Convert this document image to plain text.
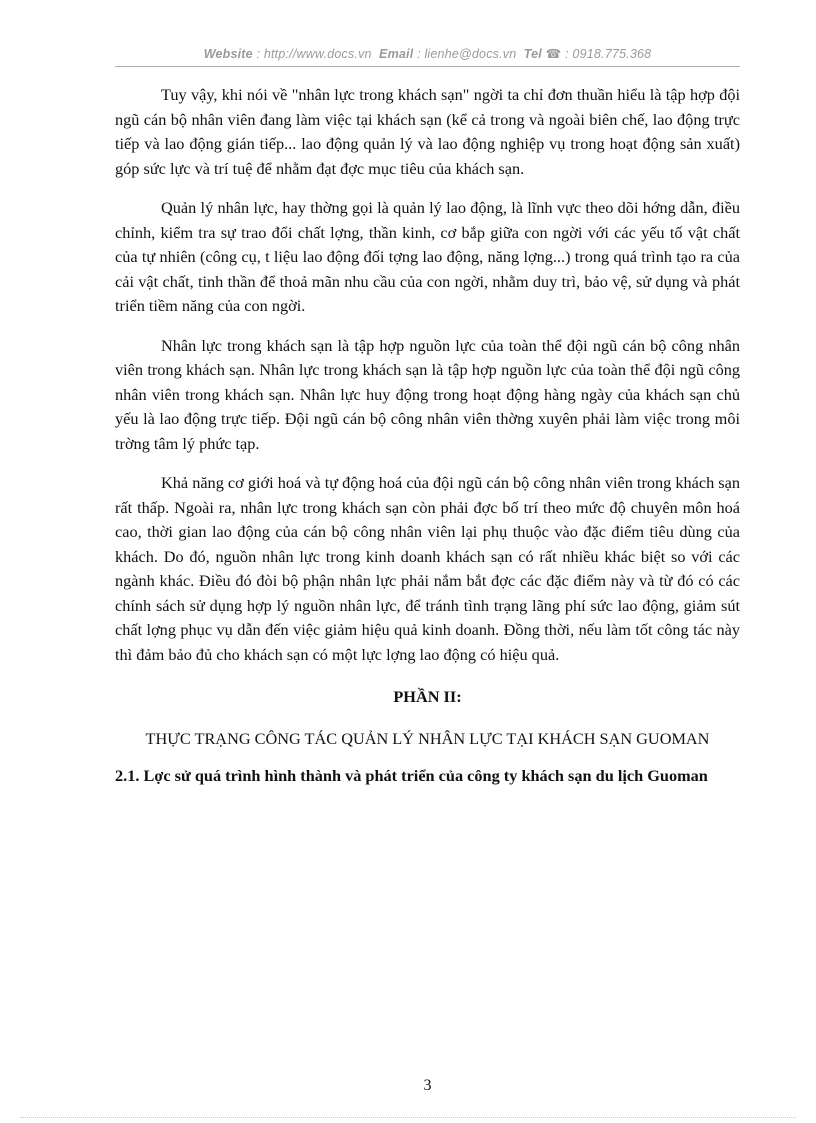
Website : http://www.docs.vn Email : lienhe@docs.vn Tel ☎ : 0918.775.368

Tuy vậy, khi nói về "nhân lực trong khách sạn" ngời ta chỉ đơn thuần hiểu là tập hợp đội ngũ cán bộ nhân viên đang làm việc tại khách sạn (kể cả trong và ngoài biên chế, lao động trực tiếp và lao động gián tiếp... lao động quản lý và lao động nghiệp vụ trong hoạt động sản xuất) góp sức lực và trí tuệ để nhằm đạt đợc mục tiêu của khách sạn.

Quản lý nhân lực, hay thờng gọi là quản lý lao động, là lĩnh vực theo dõi hớng dẫn, điều chỉnh, kiểm tra sự trao đổi chất lợng, thần kinh, cơ bắp giữa con ngời với các yếu tố vật chất của tự nhiên (công cụ, t liệu lao động đối tợng lao động, năng lợng...) trong quá trình tạo ra của cải vật chất, tinh thần để thoả mãn nhu cầu của con ngời, nhằm duy trì, bảo vệ, sử dụng và phát triển tiềm năng của con ngời.

Nhân lực trong khách sạn là tập hợp nguồn lực của toàn thể đội ngũ cán bộ công nhân viên trong khách sạn. Nhân lực trong khách sạn là tập hợp nguồn lực của toàn thể đội ngũ công nhân viên trong khách sạn. Nhân lực huy động trong hoạt động hàng ngày của khách sạn chủ yếu là lao động trực tiếp. Đội ngũ cán bộ công nhân viên thờng xuyên phải làm việc trong môi trờng tâm lý phức tạp.

Khả năng cơ giới hoá và tự động hoá của đội ngũ cán bộ công nhân viên trong khách sạn rất thấp. Ngoài ra, nhân lực trong khách sạn còn phải đợc bố trí theo mức độ chuyên môn hoá cao, thời gian lao động của cán bộ công nhân viên lại phụ thuộc vào đặc điểm tiêu dùng của khách. Do đó, nguồn nhân lực trong kinh doanh khách sạn có rất nhiều khác biệt so với các ngành khác. Điều đó đòi bộ phận nhân lực phải nắm bắt đợc các đặc điểm này và từ đó có các chính sách sử dụng hợp lý nguồn nhân lực, để tránh tình trạng lãng phí sức lao động, giảm sút chất lợng phục vụ dẫn đến việc giảm hiệu quả kinh doanh. Đồng thời, nếu làm tốt công tác này thì đảm bảo đủ cho khách sạn có một lực lợng lao động có hiệu quả.

PHẦN II:

THỰC TRẠNG CÔNG TÁC QUẢN LÝ NHÂN LỰC TẠI KHÁCH SẠN GUOMAN

2.1. Lợc sử quá trình hình thành và phát triển của công ty khách sạn du lịch Guoman

3
